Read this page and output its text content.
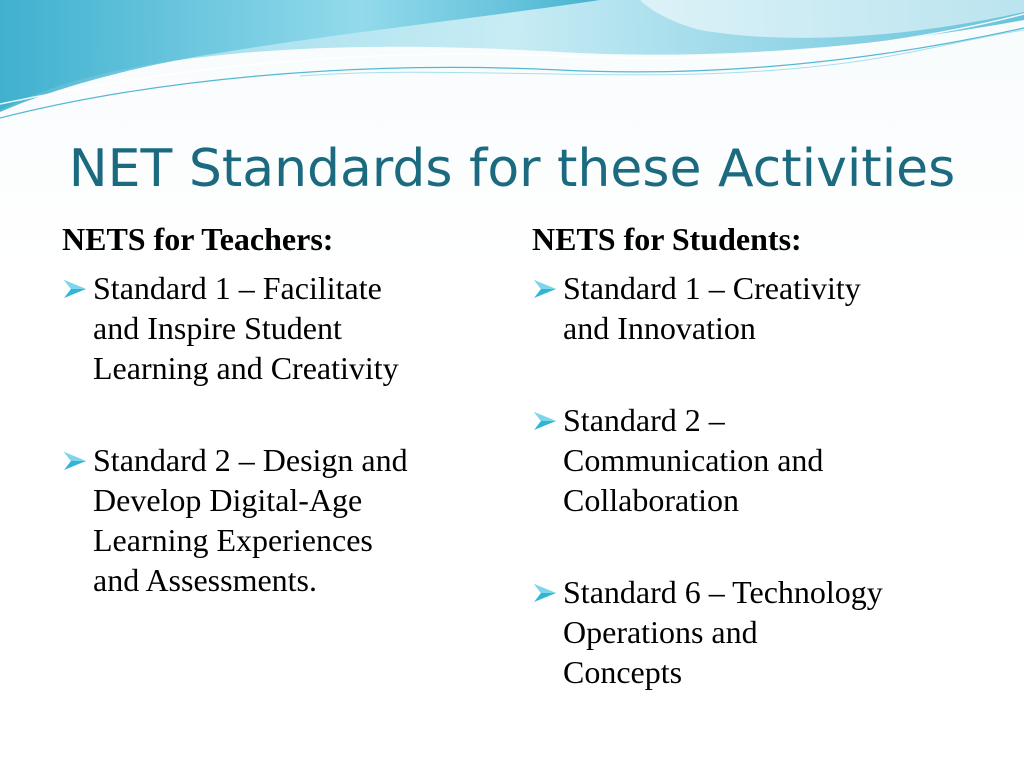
NET Standards for these Activities
NETS for Teachers:
Standard 1 – Facilitate
and Inspire Student
Learning and Creativity
Standard 2 – Design and
Develop Digital-Age
Learning Experiences
and Assessments.
NETS for Students:
Standard 1 – Creativity
and Innovation
Standard 2 –
Communication and
Collaboration
Standard 6 – Technology
Operations and
Concepts
